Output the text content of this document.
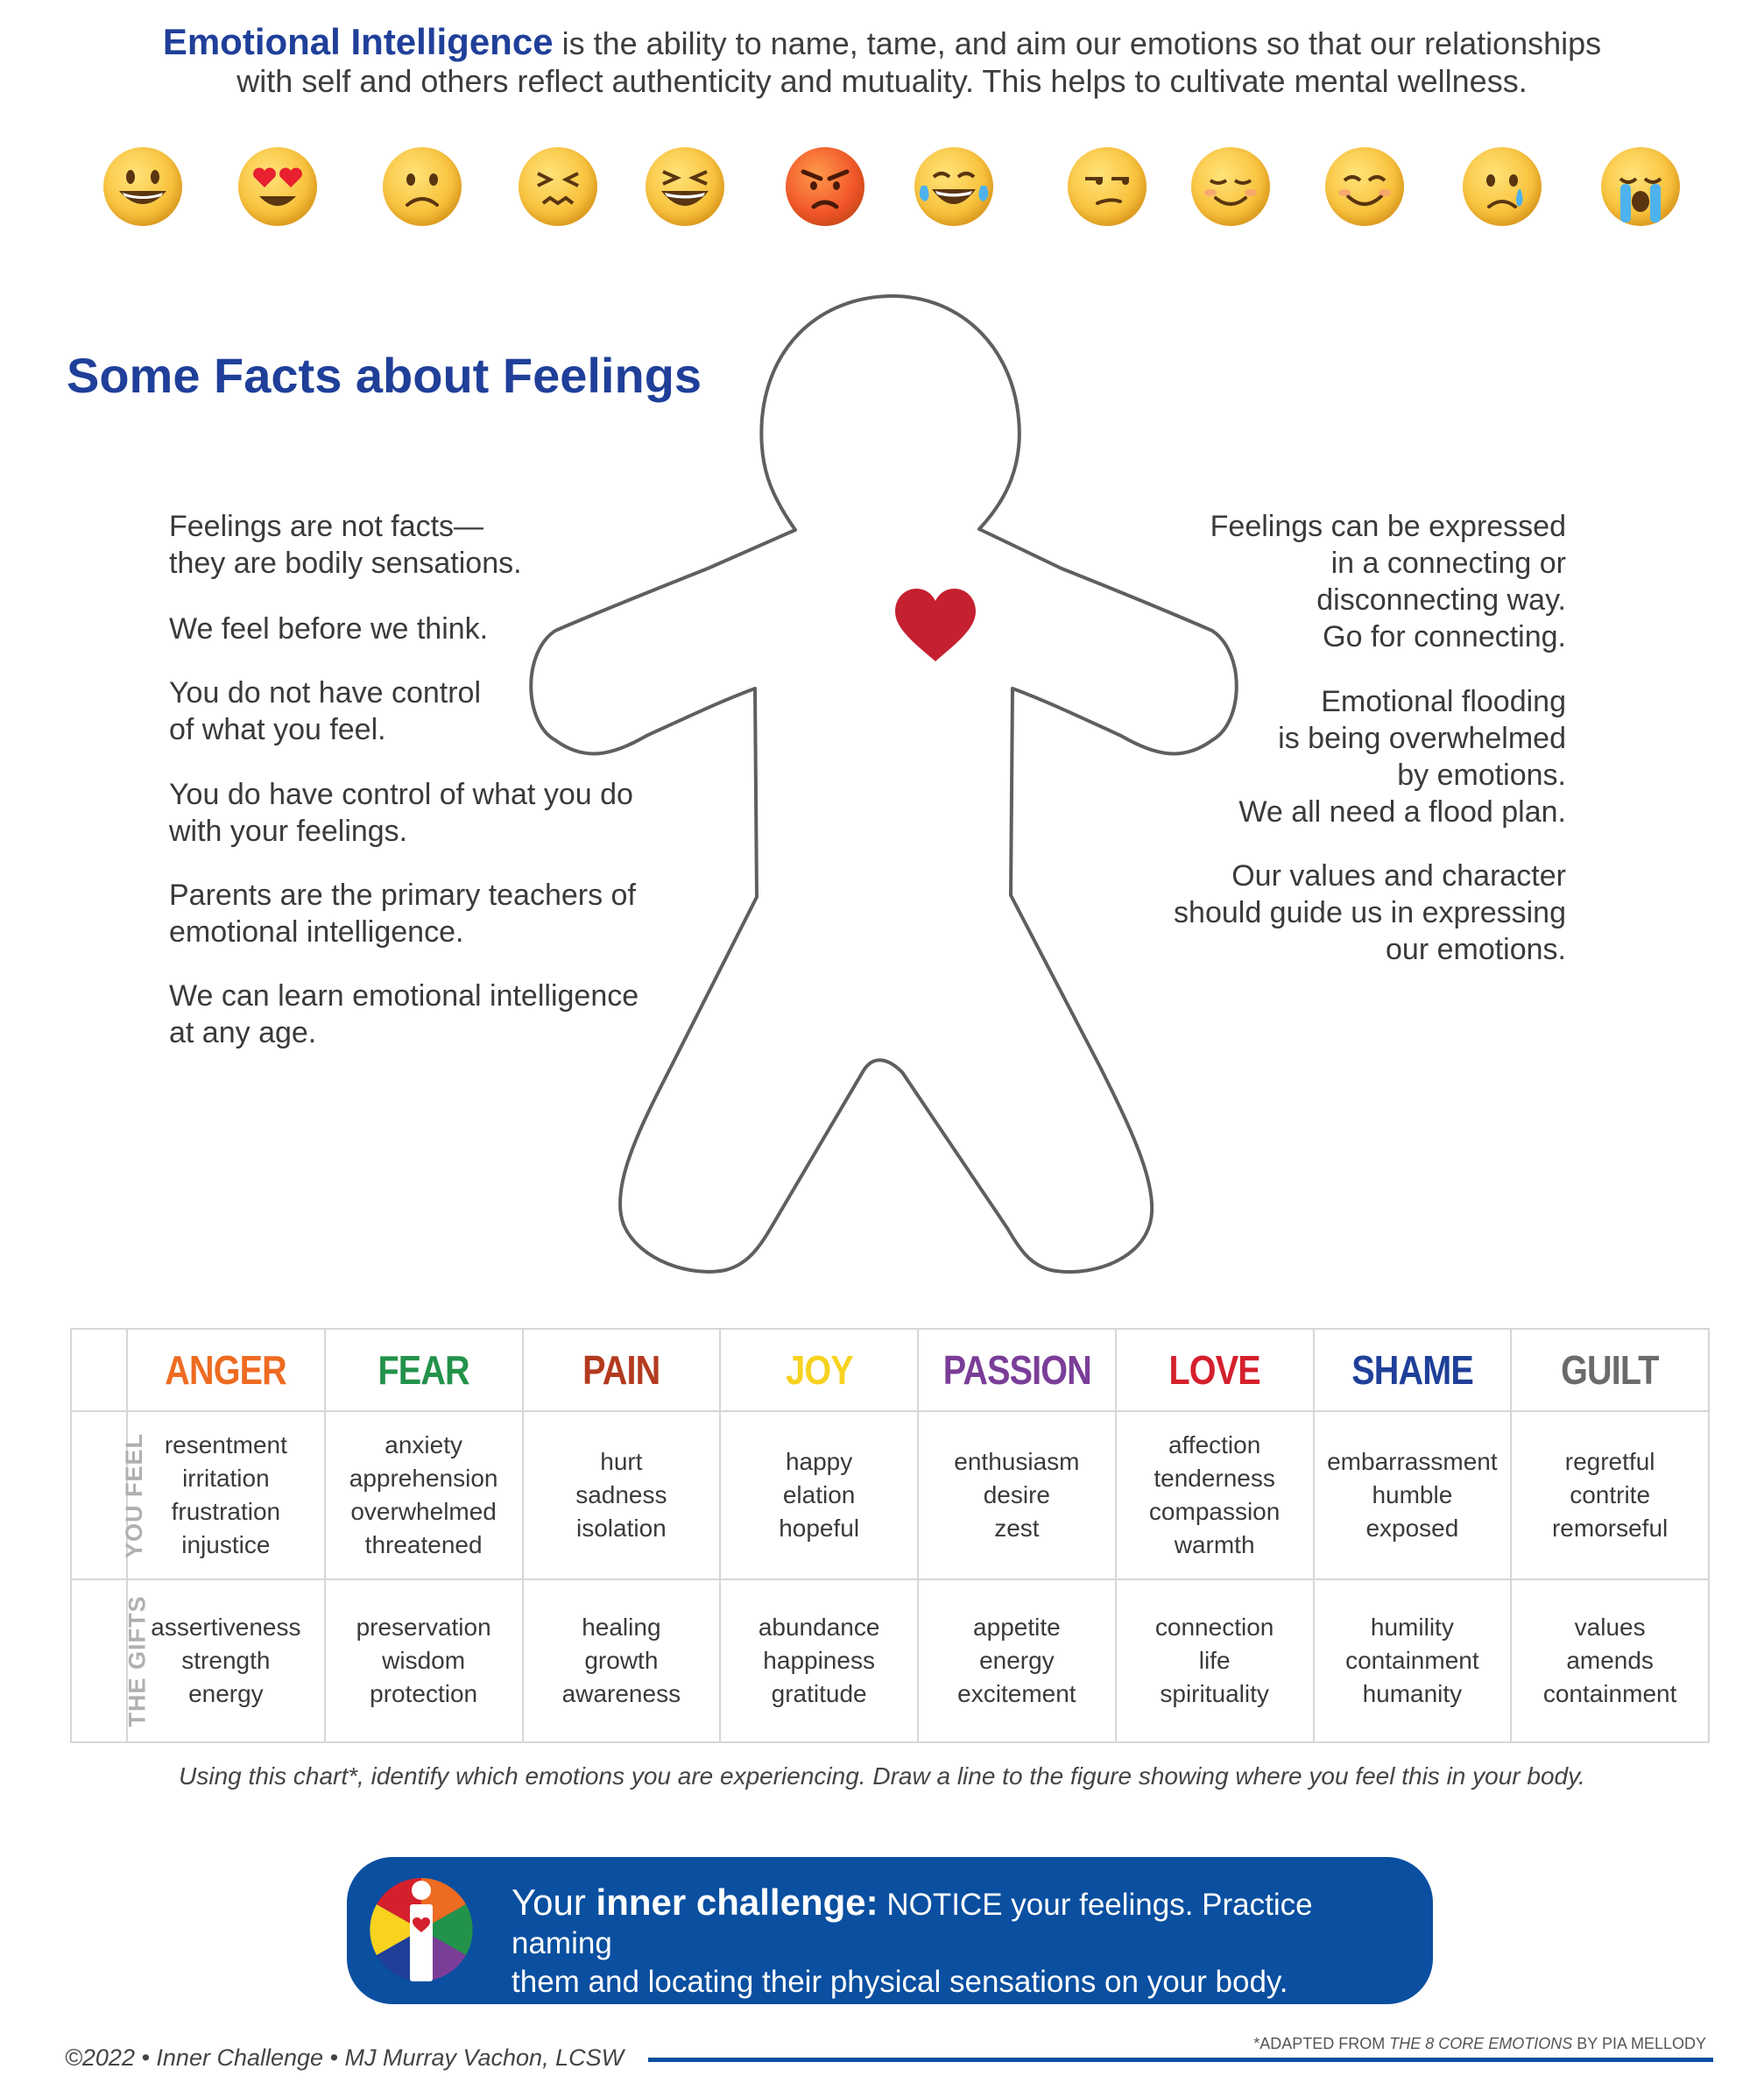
Emotional Intelligence is the ability to name, tame, and aim our emotions so that our relationships
with self and others reflect authenticity and mutuality. This helps to cultivate mental wellness.
Some Facts about Feelings
Feelings are not facts—
they are bodily sensations.
We feel before we think.
You do not have control
of what you feel.
You do have control of what you do
with your feelings.
Parents are the primary teachers of
emotional intelligence.
We can learn emotional intelligence
at any age.
Feelings can be expressed
in a connecting or
disconnecting way.
Go for connecting.
Emotional flooding
is being overwhelmed
by emotions.
We all need a flood plan.
Our values and character
should guide us in expressing
our emotions.
	ANGER	FEAR	PAIN	JOY	PASSION	LOVE	SHAME	GUILT
YOU FEEL	resentment
irritation
frustration
injustice	anxiety
apprehension
overwhelmed
threatened	hurt
sadness
isolation	happy
elation
hopeful	enthusiasm
desire
zest	affection
tenderness
compassion
warmth	embarrassment
humble
exposed	regretful
contrite
remorseful

THE GIFTS	assertiveness
strength
energy	preservation
wisdom
protection	healing
growth
awareness	abundance
happiness
gratitude	appetite
energy
excitement	connection
life
spirituality	humility
containment
humanity	values
amends
containment
Using this chart*, identify which emotions you are experiencing. Draw a line to the figure showing where you feel this in your body.
Your inner challenge: NOTICE your feelings. Practice naming
them and locating their physical sensations on your body.
©2022 • Inner Challenge • MJ Murray Vachon, LCSW
*ADAPTED FROM THE 8 CORE EMOTIONS BY PIA MELLODY
